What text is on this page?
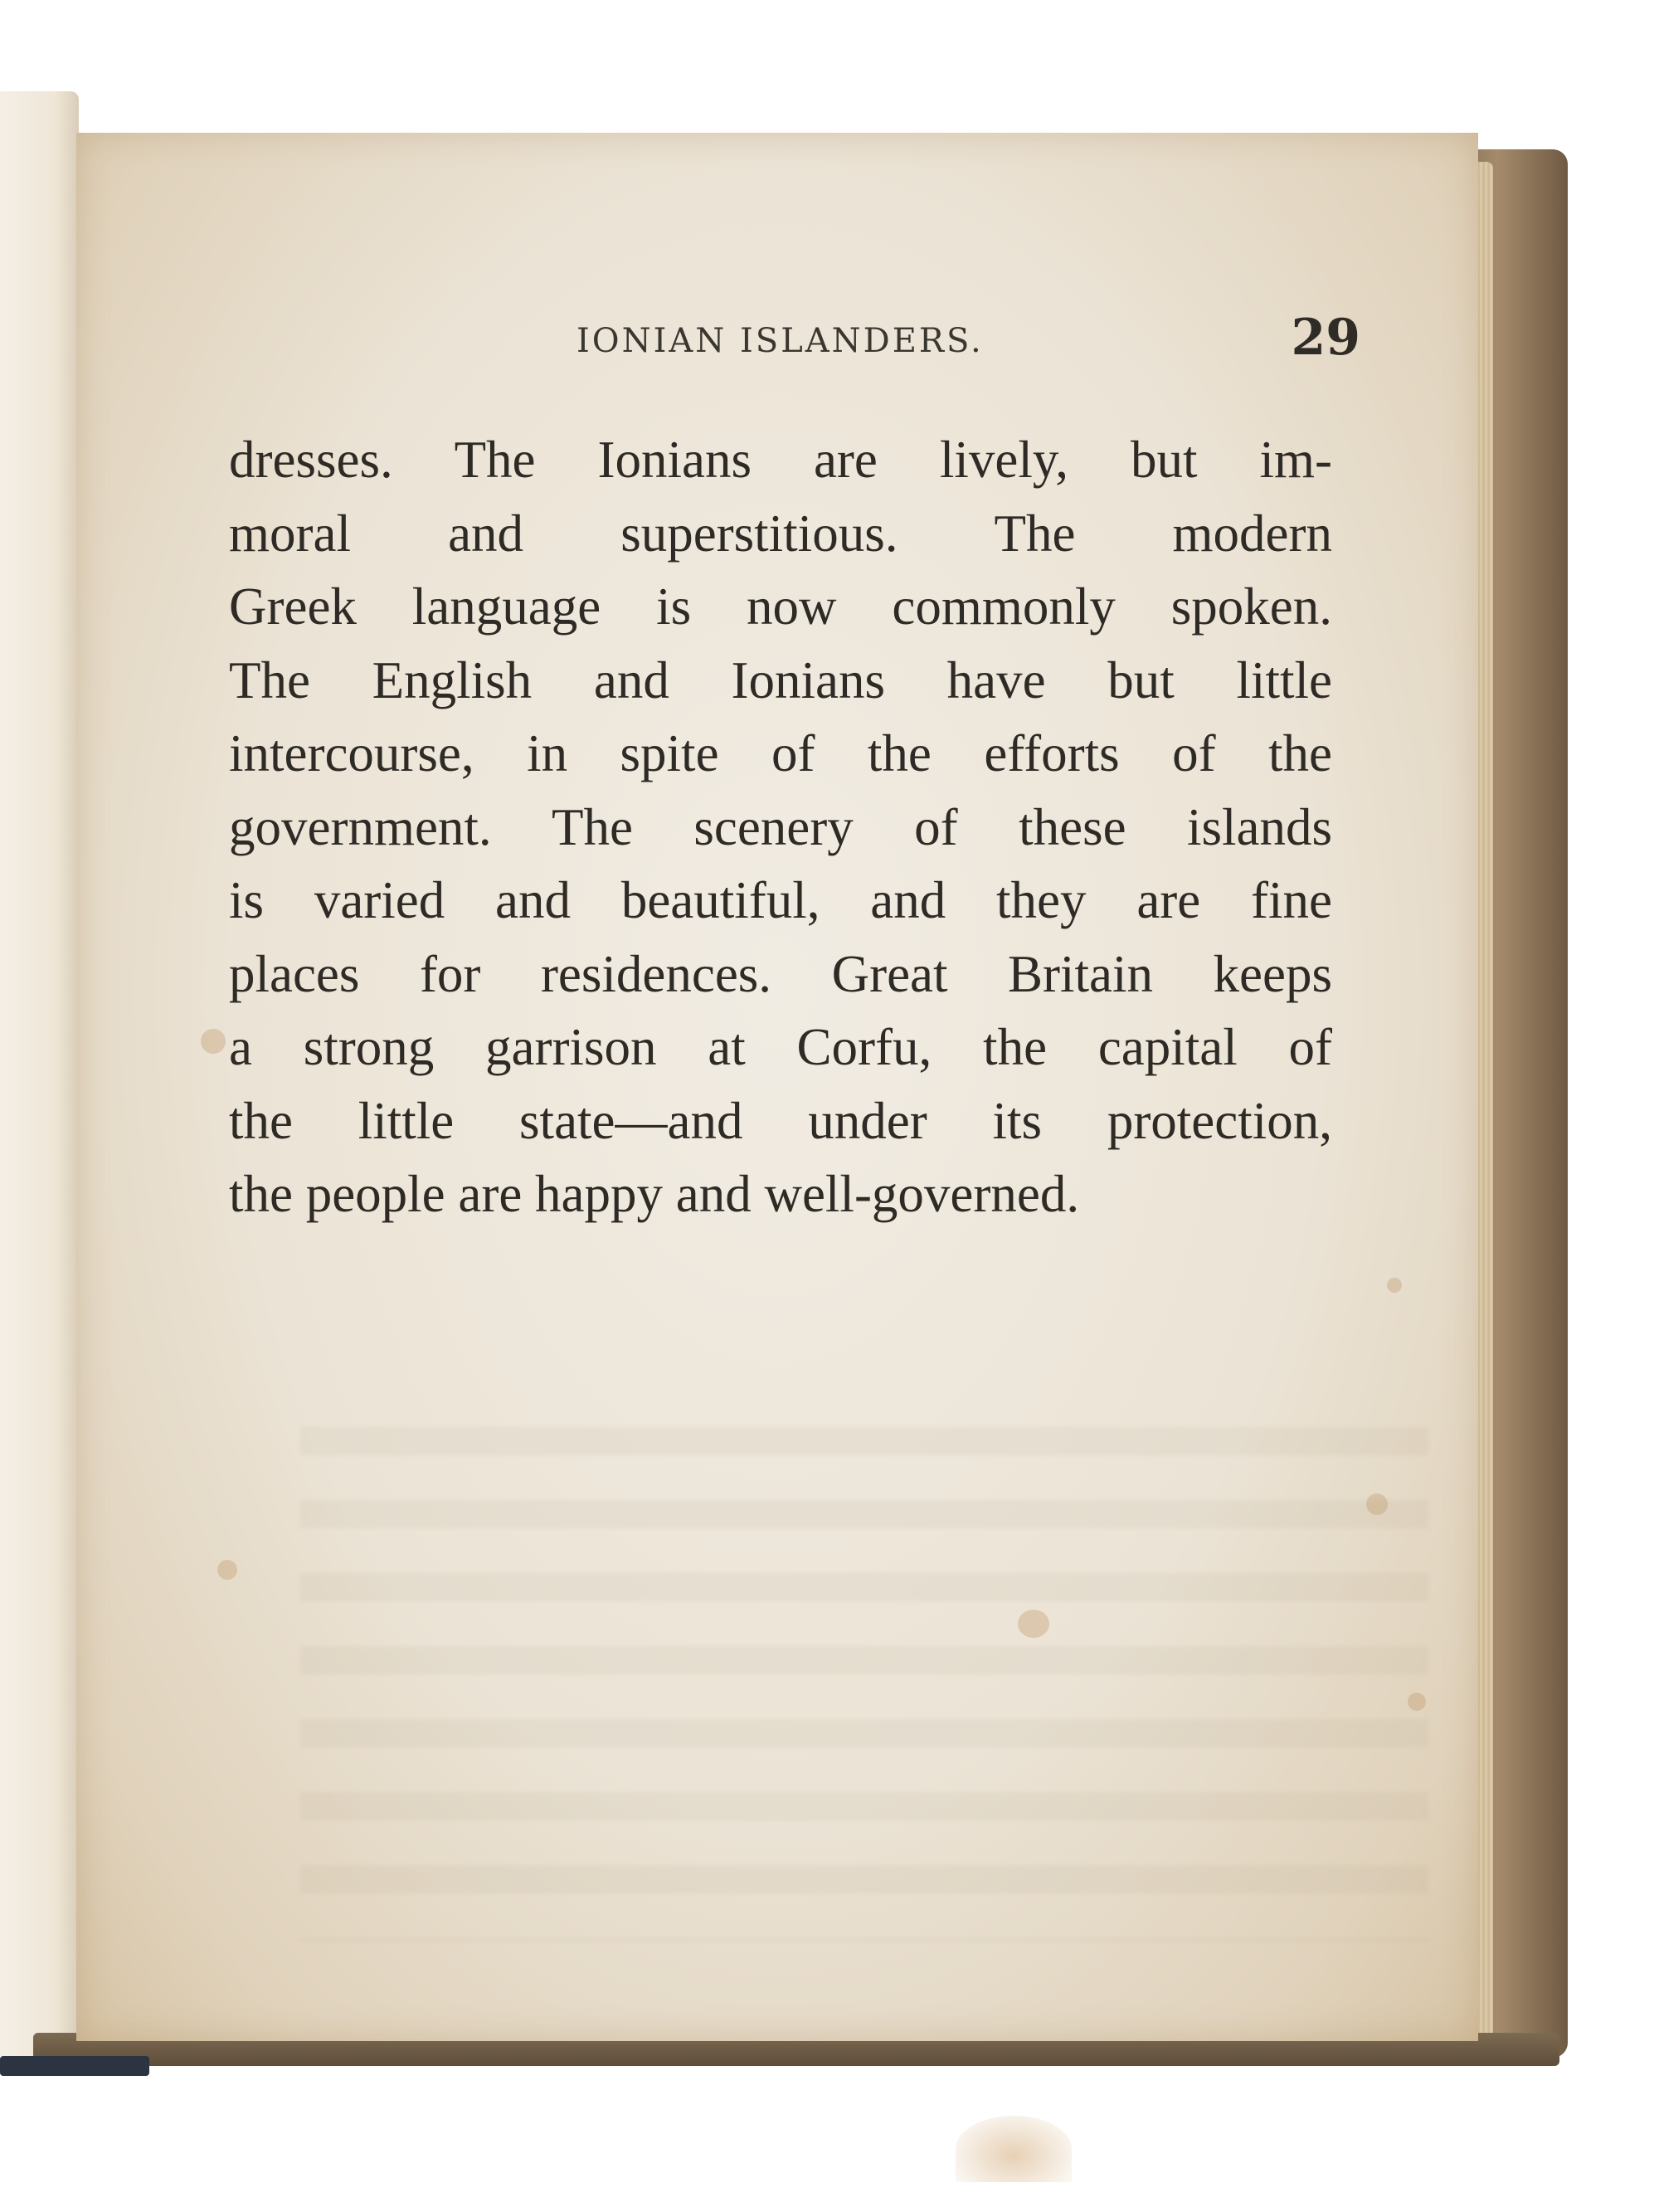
IONIAN ISLANDERS.	29
dresses. The Ionians are lively, but im-
moral and superstitious. The modern
Greek language is now commonly spoken.
The English and Ionians have but little
intercourse, in spite of the efforts of the
government. The scenery of these islands
is varied and beautiful, and they are fine
places for residences. Great Britain keeps
a strong garrison at Corfu, the capital of
the little state—and under its protection,
the people are happy and well-governed.
